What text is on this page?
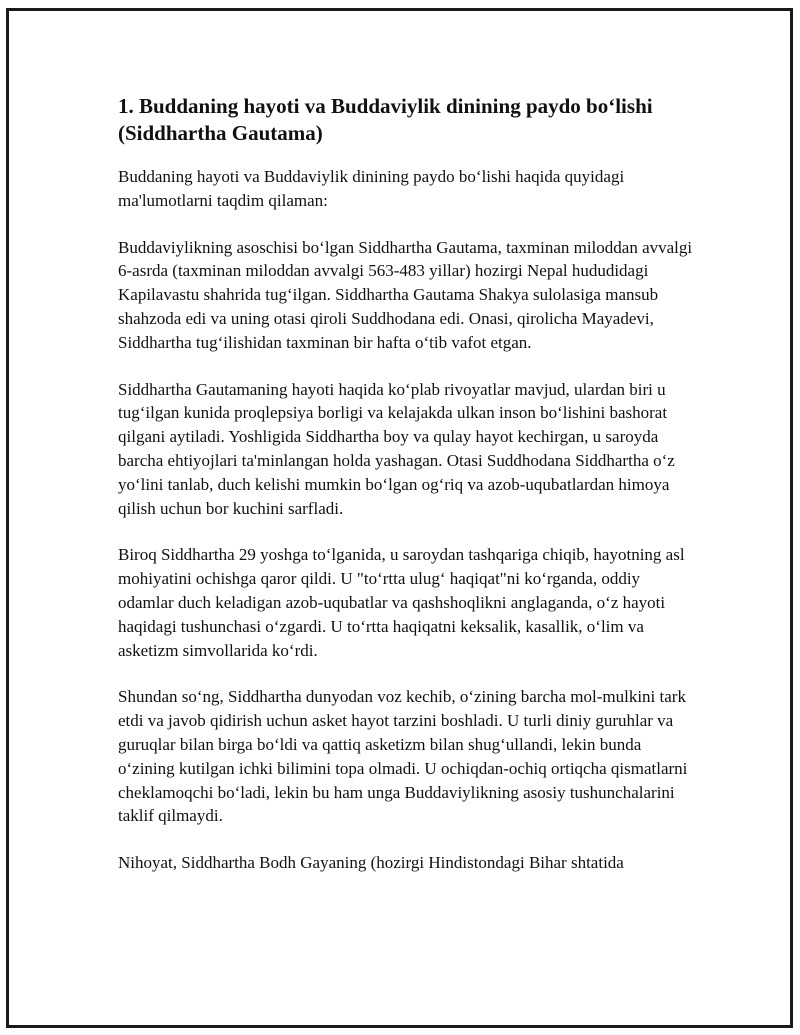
1. Buddaning hayoti va Buddaviylik dinining paydo bo‘lishi (Siddhartha Gautama)

Buddaning hayoti va Buddaviylik dinining paydo bo‘lishi haqida quyidagi ma'lumotlarni taqdim qilaman:

Buddaviylikning asoschisi bo‘lgan Siddhartha Gautama, taxminan miloddan avvalgi 6-asrda (taxminan miloddan avvalgi 563-483 yillar) hozirgi Nepal hududidagi Kapilavastu shahrida tug‘ilgan. Siddhartha Gautama Shakya sulolasiga mansub shahzoda edi va uning otasi qiroli Suddhodana edi. Onasi, qirolicha Mayadevi, Siddhartha tug‘ilishidan taxminan bir hafta o‘tib vafot etgan.

Siddhartha Gautamaning hayoti haqida ko‘plab rivoyatlar mavjud, ulardan biri u tug‘ilgan kunida proqlepsiya borligi va kelajakda ulkan inson bo‘lishini bashorat qilgani aytiladi. Yoshligida Siddhartha boy va qulay hayot kechirgan, u saroyda barcha ehtiyojlari ta'minlangan holda yashagan. Otasi Suddhodana Siddhartha o‘z yo‘lini tanlab, duch kelishi mumkin bo‘lgan og‘riq va azob-uqubatlardan himoya qilish uchun bor kuchini sarfladi.

Biroq Siddhartha 29 yoshga to‘lganida, u saroydan tashqariga chiqib, hayotning asl mohiyatini ochishga qaror qildi. U "to‘rtta ulug‘ haqiqat"ni ko‘rganda, oddiy odamlar duch keladigan azob-uqubatlar va qashshoqlikni anglaganda, o‘z hayoti haqidagi tushunchasi o‘zgardi. U to‘rtta haqiqatni keksalik, kasallik, o‘lim va asketizm simvollarida ko‘rdi.

Shundan so‘ng, Siddhartha dunyodan voz kechib, o‘zining barcha mol-mulkini tark etdi va javob qidirish uchun asket hayot tarzini boshladi. U turli diniy guruhlar va guruqlar bilan birga bo‘ldi va qattiq asketizm bilan shug‘ullandi, lekin bunda o‘zining kutilgan ichki bilimini topa olmadi. U ochiqdan-ochiq ortiqcha qismatlarni cheklamoqchi bo‘ladi, lekin bu ham unga Buddaviylikning asosiy tushunchalarini taklif qilmaydi.

Nihoyat, Siddhartha Bodh Gayaning (hozirgi Hindistondagi Bihar shtatida
